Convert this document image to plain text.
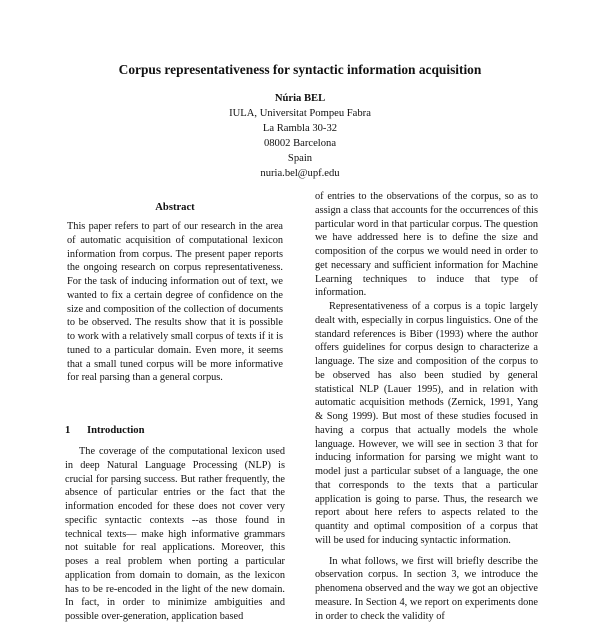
Corpus representativeness for syntactic information acquisition
Núria BEL
IULA, Universitat Pompeu Fabra
La Rambla 30-32
08002 Barcelona
Spain
nuria.bel@upf.edu
Abstract

This paper refers to part of our research in the area of automatic acquisition of computational lexicon information from corpus. The present paper reports the ongoing research on corpus representativeness. For the task of inducing information out of text, we wanted to fix a certain degree of confidence on the size and composition of the collection of documents to be observed. The results show that it is possible to work with a relatively small corpus of texts if it is tuned to a particular domain. Even more, it seems that a small tuned corpus will be more informative for real parsing than a general corpus.

1 Introduction

The coverage of the computational lexicon used in deep Natural Language Processing (NLP) is crucial for parsing success. But rather frequently, the absence of particular entries or the fact that the information encoded for these does not cover very specific syntactic contexts --as those found in technical texts— make high informative grammars not suitable for real applications. Moreover, this poses a real problem when porting a particular application from domain to domain, as the lexicon has to be re-encoded in the light of the new domain. In fact, in order to minimize ambiguities and possible over-generation, application based

of entries to the observations of the corpus, so as to assign a class that accounts for the occurrences of this particular word in that particular corpus. The question we have addressed here is to define the size and composition of the corpus we would need in order to get necessary and sufficient information for Machine Learning techniques to induce that type of information.

Representativeness of a corpus is a topic largely dealt with, especially in corpus linguistics. One of the standard references is Biber (1993) where the author offers guidelines for corpus design to characterize a language. The size and composition of the corpus to be observed has also been studied by general statistical NLP (Lauer 1995), and in relation with automatic acquisition methods (Zernick, 1991, Yang & Song 1999). But most of these studies focused in having a corpus that actually models the whole language. However, we will see in section 3 that for inducing information for parsing we might want to model just a particular subset of a language, the one that corresponds to the texts that a particular application is going to parse. Thus, the research we report about here refers to aspects related to the quantity and optimal composition of a corpus that will be used for inducing syntactic information.

In what follows, we first will briefly describe the observation corpus. In section 3, we introduce the phenomena observed and the way we got an objective measure. In Section 4, we report on experiments done in order to check the validity of
